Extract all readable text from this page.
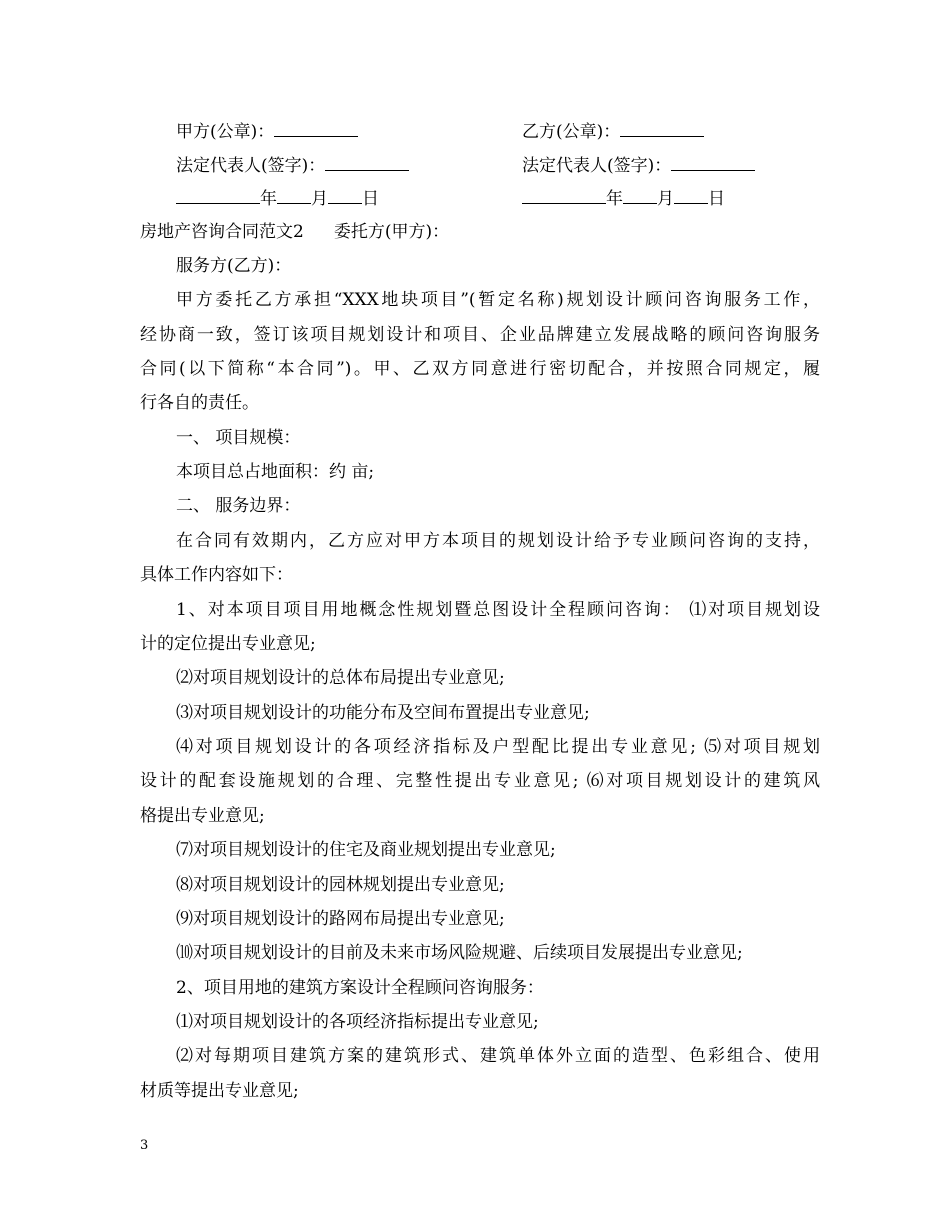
甲方(公章)：	乙方(公章)：
法定代表人(签字)：	法定代表人(签字)：
年 月 日	年 月 日
房地产咨询合同范文2 委托方(甲方)：
服务方(乙方)：
甲方委托乙方承担“XXX地块项目”(暂定名称)规划设计顾问咨询服务工作，
经协商一致，签订该项目规划设计和项目、企业品牌建立发展战略的顾问咨询服务
合同(以下简称“本合同”)。甲、乙双方同意进行密切配合，并按照合同规定，履
行各自的责任。
一、 项目规模：
本项目总占地面积：约 亩;
二、 服务边界：
在合同有效期内，乙方应对甲方本项目的规划设计给予专业顾问咨询的支持，
具体工作内容如下：
1、对本项目项目用地概念性规划暨总图设计全程顾问咨询： ⑴对项目规划设
计的定位提出专业意见;
⑵对项目规划设计的总体布局提出专业意见;
⑶对项目规划设计的功能分布及空间布置提出专业意见;
⑷对项目规划设计的各项经济指标及户型配比提出专业意见; ⑸对项目规划
设计的配套设施规划的合理、完整性提出专业意见; ⑹对项目规划设计的建筑风
格提出专业意见;
⑺对项目规划设计的住宅及商业规划提出专业意见;
⑻对项目规划设计的园林规划提出专业意见;
⑼对项目规划设计的路网布局提出专业意见;
⑽对项目规划设计的目前及未来市场风险规避、后续项目发展提出专业意见;
2、项目用地的建筑方案设计全程顾问咨询服务：
⑴对项目规划设计的各项经济指标提出专业意见;
⑵对每期项目建筑方案的建筑形式、建筑单体外立面的造型、色彩组合、使用
材质等提出专业意见;
3
